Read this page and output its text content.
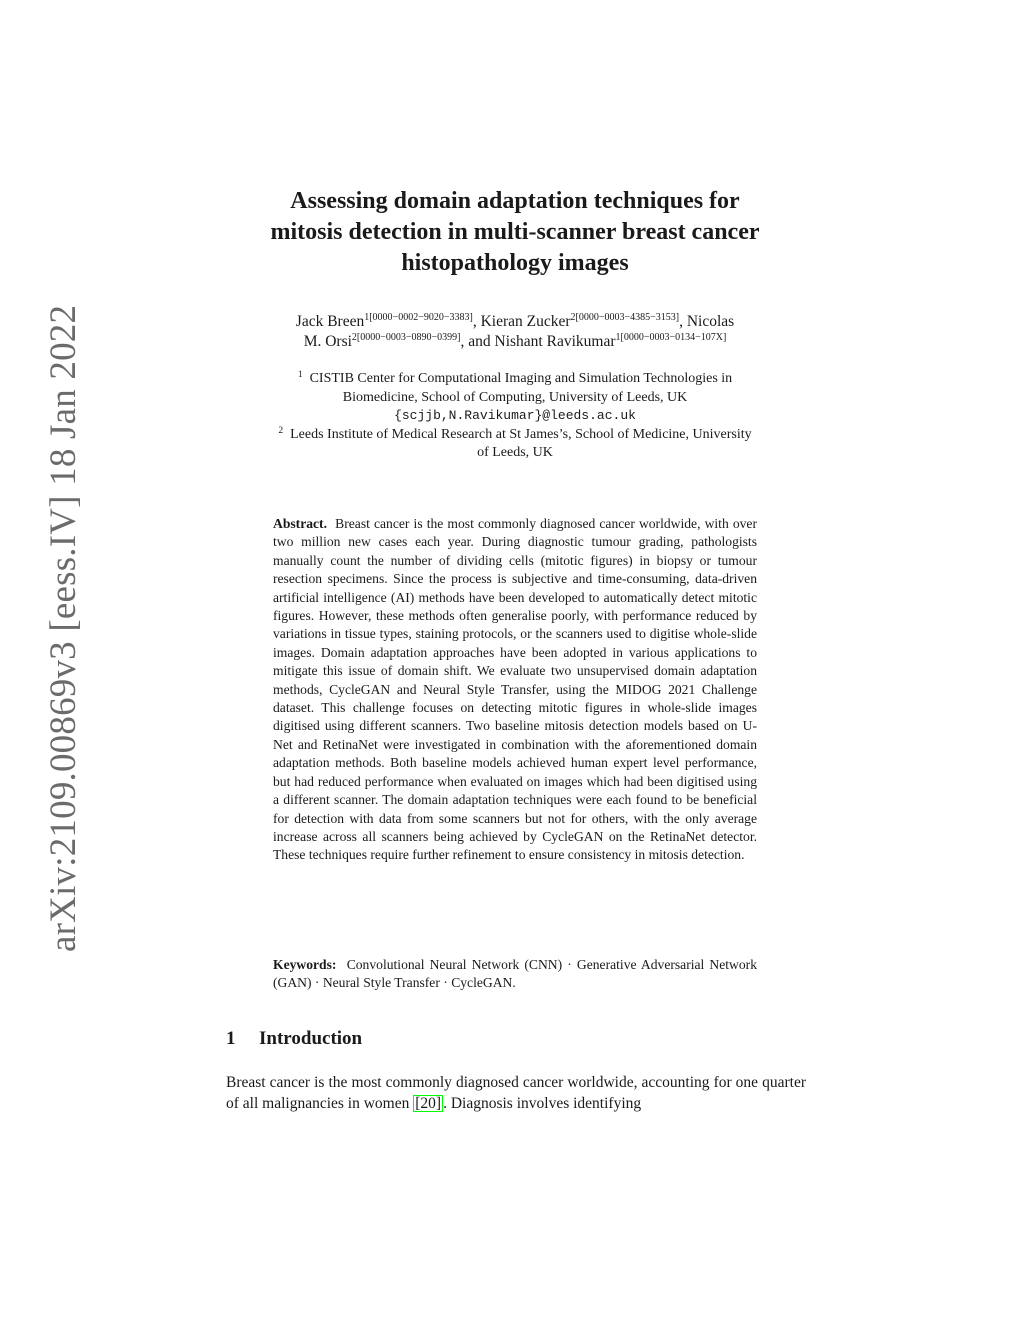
arXiv:2109.00869v3 [eess.IV] 18 Jan 2022
Assessing domain adaptation techniques for
mitosis detection in multi-scanner breast cancer
histopathology images
Jack Breen$^{1[0000-0002-9020-3383]}$, Kieran Zucker$^{2[0000-0003-4385-3153]}$, Nicolas
M. Orsi$^{2[0000-0003-0890-0399]}$, and Nishant Ravikumar$^{1[0000-0003-0134-107X]}$
$^1$ CISTIB Center for Computational Imaging and Simulation Technologies in
Biomedicine, School of Computing, University of Leeds, UK
{scjjb,N.Ravikumar}@leeds.ac.uk
$^2$ Leeds Institute of Medical Research at St James’s, School of Medicine, University
of Leeds, UK
Abstract. Breast cancer is the most commonly diagnosed cancer worldwide, with over two million new cases each year. During diagnostic tumour grading, pathologists manually count the number of dividing cells (mitotic figures) in biopsy or tumour resection specimens. Since the process is subjective and time-consuming, data-driven artificial intelligence (AI) methods have been developed to automatically detect mitotic figures. However, these methods often generalise poorly, with performance reduced by variations in tissue types, staining protocols, or the scanners used to digitise whole-slide images. Domain adaptation approaches have been adopted in various applications to mitigate this issue of domain shift. We evaluate two unsupervised domain adaptation methods, CycleGAN and Neural Style Transfer, using the MIDOG 2021 Challenge dataset. This challenge focuses on detecting mitotic figures in whole-slide images digitised using different scanners. Two baseline mitosis detection models based on U-Net and RetinaNet were investigated in combination with the aforementioned domain adaptation methods. Both baseline models achieved human expert level performance, but had reduced performance when evaluated on images which had been digitised using a different scanner. The domain adaptation techniques were each found to be beneficial for detection with data from some scanners but not for others, with the only average increase across all scanners being achieved by CycleGAN on the RetinaNet detector. These techniques require further refinement to ensure consistency in mitosis detection.
Keywords: Convolutional Neural Network (CNN) · Generative Adversarial Network (GAN) · Neural Style Transfer · CycleGAN.
1 Introduction
Breast cancer is the most commonly diagnosed cancer worldwide, accounting for one quarter of all malignancies in women [20] . Diagnosis involves identifying
